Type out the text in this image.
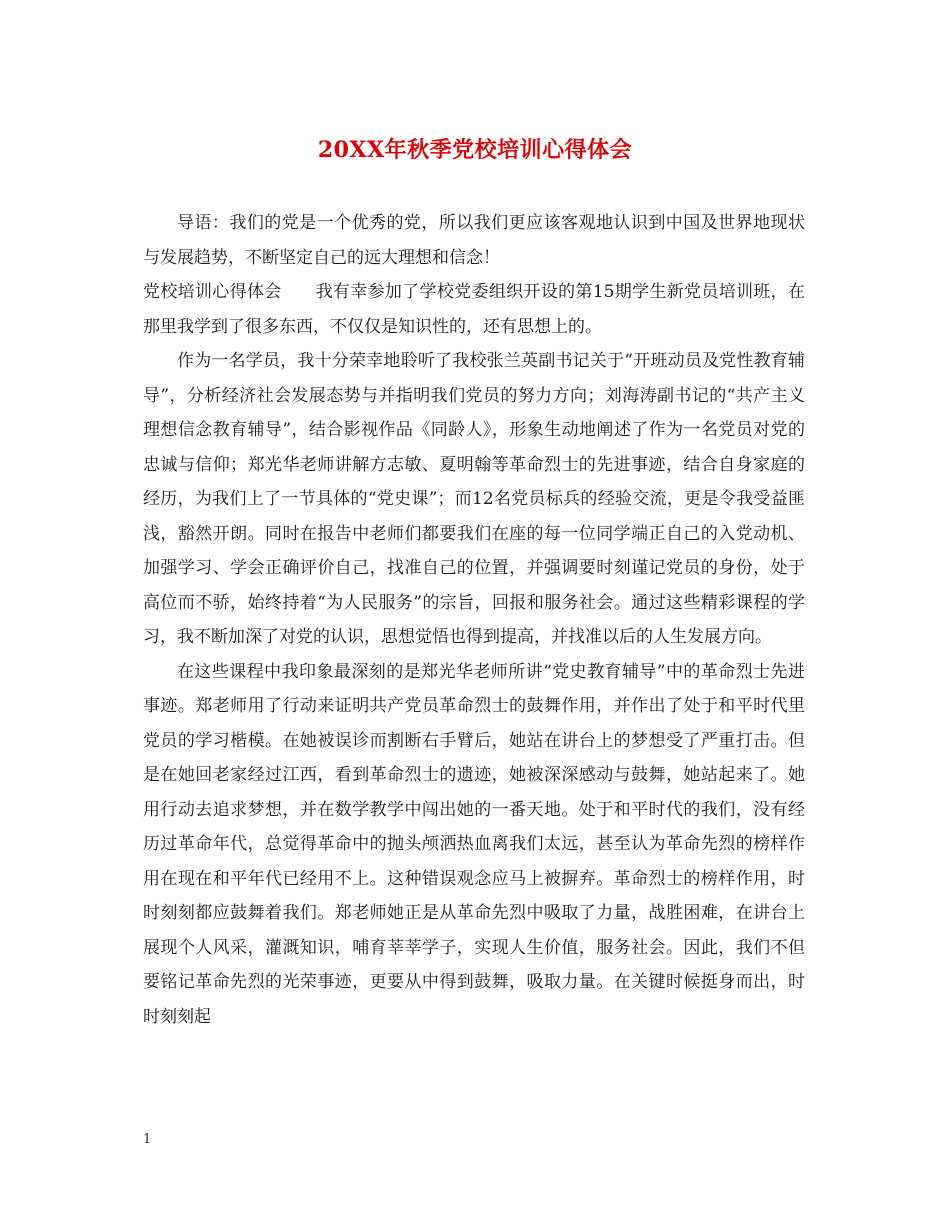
20XX年秋季党校培训心得体会

导语：我们的党是一个优秀的党，所以我们更应该客观地认识到中国及世界地现状与发展趋势，不断坚定自己的远大理想和信念！

党校培训心得体会 我有幸参加了学校党委组织开设的第15期学生新党员培训班，在那里我学到了很多东西，不仅仅是知识性的，还有思想上的。

作为一名学员，我十分荣幸地聆听了我校张兰英副书记关于“开班动员及党性教育辅导”，分析经济社会发展态势与并指明我们党员的努力方向；刘海涛副书记的“共产主义理想信念教育辅导”，结合影视作品《同龄人》，形象生动地阐述了作为一名党员对党的忠诚与信仰；郑光华老师讲解方志敏、夏明翰等革命烈士的先进事迹，结合自身家庭的经历，为我们上了一节具体的“党史课”；而12名党员标兵的经验交流，更是令我受益匪浅，豁然开朗。同时在报告中老师们都要我们在座的每一位同学端正自己的入党动机、加强学习、学会正确评价自己，找准自己的位置，并强调要时刻谨记党员的身份，处于高位而不骄，始终持着“为人民服务”的宗旨，回报和服务社会。通过这些精彩课程的学习，我不断加深了对党的认识，思想觉悟也得到提高，并找准以后的人生发展方向。

在这些课程中我印象最深刻的是郑光华老师所讲“党史教育辅导”中的革命烈士先进事迹。郑老师用了行动来证明共产党员革命烈士的鼓舞作用，并作出了处于和平时代里党员的学习楷模。在她被误诊而割断右手臂后，她站在讲台上的梦想受了严重打击。但是在她回老家经过江西，看到革命烈士的遗迹，她被深深感动与鼓舞，她站起来了。她用行动去追求梦想，并在数学教学中闯出她的一番天地。处于和平时代的我们，没有经历过革命年代，总觉得革命中的抛头颅洒热血离我们太远，甚至认为革命先烈的榜样作用在现在和平年代已经用不上。这种错误观念应马上被摒弃。革命烈士的榜样作用，时时刻刻都应鼓舞着我们。郑老师她正是从革命先烈中吸取了力量，战胜困难，在讲台上展现个人风采，灌溉知识，哺育莘莘学子，实现人生价值，服务社会。因此，我们不但要铭记革命先烈的光荣事迹，更要从中得到鼓舞，吸取力量。在关键时候挺身而出，时时刻刻起

1
